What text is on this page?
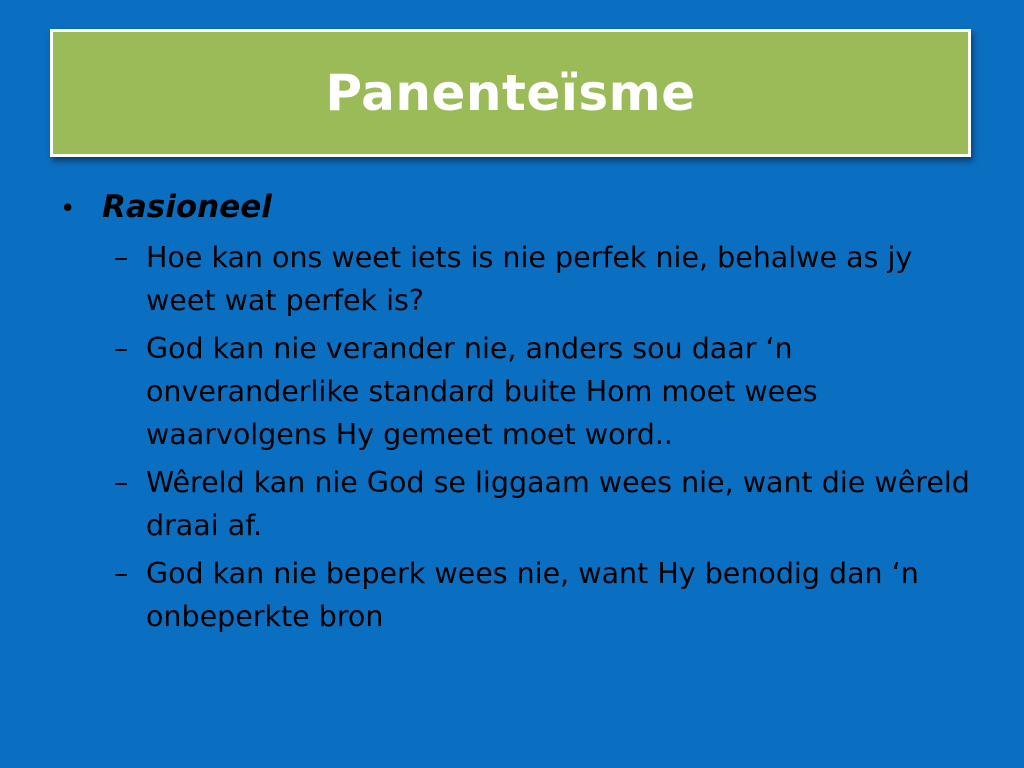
Panenteïsme
• Rasioneel
– Hoe kan ons weet iets is nie perfek nie, behalwe as jy weet wat perfek is?
– God kan nie verander nie, anders sou daar ‘n onveranderlike standard buite Hom moet wees waarvolgens Hy gemeet moet word..
– Wêreld kan nie God se liggaam wees nie, want die wêreld draai af.
– God kan nie beperk wees nie, want Hy benodig dan ‘n onbeperkte bron
